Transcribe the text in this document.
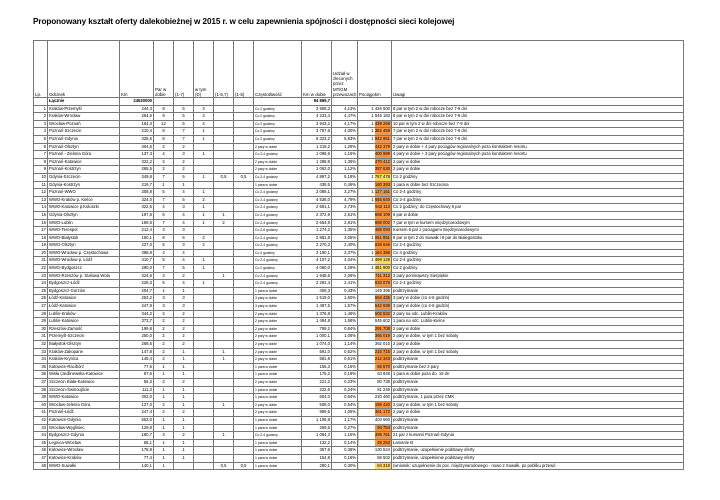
Proponowany kształt oferty dalekobieżnej w 2015 r. w celu zapewnienia spójności i dostępności sieci kolejowej
Lp.	Odcinek	Km	Par w dobie	(1-7)	w tym (D)	(1-5,7)	(1-5)	Częstotliwość	Km w dobie	Udział w zleconych przez MTiGM przewozach	Pociągokm	Uwagi
	Łącznie	24520000							94 869,7			
1	Kraków-Przemyśl	244,3	9	6	3			Co 2 godziny	3 908,3	4,13%	1 426 500	8 par w tym 2 w dni robocze bez 7-9 dni
2	Kraków-Wrocław	264,6	9	6	3			Co 2 godziny	4 233,4	4,47%	1 545 183	8 par w tym 2 w dni robocze bez 7-9 dni
3	Wrocław-Poznań	164,3	12	6	4			Co 2 godziny	3 943,2	4,17%	1 439 268	10 par w tym 2 w dni robocze bez 7-9 dni
4	Poznań-Szczecin	210,4	8	7	1			Co 2 godziny	3 787,6	4,00%	1 382 459	7 par w tym 2 w dni robocze bez 7-9 dni
5	Poznań-Gdynia	326,6	8	7	1			Co 2 godziny	5 323,2	5,63%	1 942 951	7 par w tym 2 w dni robocze bez 7-9 dni
6	Poznań-Olsztyn	304,6	2	2				2 pary w dobie	1 218,2	1,29%	442 379	2 pary w dobie + 4 pary pociągów regionalnych poza kontraktem resortu
7	Poznań - Zielona Góra	137,3	4	3	1			Co 2-4 godziny	1 098,6	1,16%	400 989	4 pary w dobie + 3 pary pociągów regionalnych poza kontraktem resortu
8	Poznań-Katowice	322,2	2	2				2 pary w dobie	1 288,8	1,36%	470 412	2 pary w dobie
9	Poznań-Kostrzyn	265,5	2	2				2 pary w dobie	1 062,0	1,12%	387 630	2 pary w dobie
10	Gdynia-Szczecin	349,8	7	5	1	0,5	0,5	Co 2-4 godziny	4 897,2	5,18%	1 787 478	Co 2 godziny
11	Gdynia-Kostrzyn	219,7	1	1				1 para w dobie	439,5	0,46%	160 393	1 para w dobie bez Szczecina
12	Poznań-WWO	308,8	5	4	1			Co 2-4 godziny	3 088,1	3,27%	1 127 151	Co 2-4 godziny
13	WWO-Kraków p. Kielce	324,0	7	5	2			Co 2-4 godziny	4 536,0	4,79%	1 655 640	Co 2-4 godziny
14	WWO-Katowice p.Koluszki	322,6	4	3	1			Co 2-4 godziny	2 581,1	2,73%	942 113	Co 2 godziny; do Częstochowy 8 par
15	Gdynia-Olsztyn	197,6	6	4	1	1		Co 2-4 godziny	2 372,9	2,51%	866 109	6 par w dobie
16	WWO-Lublin	189,6	7	4	1	2		Co 2-4 godziny	2 654,8	2,81%	969 002	7 par w tym w kursem międzynarodowym
17	WWO-Terespol	212,4	3	3				Co 2-6 godziny	1 274,2	1,35%	465 093	Kursem 6 par z pociągami międzynarodowymi
18	WWO-Białystok	180,1	8	6	2			Co 2-4 godziny	2 881,8	3,05%	1 051 851	8 par w tym 2 do Suwałk i 9 par do Białegostoku
19	WWO-Olsztyn	227,0	5	3	2			Co 2-4 godziny	2 270,3	2,40%	828 646	Co 2-4 godziny
20	WWO-Wrocław p. Częstochowa	398,8	4	4				Co 4 godziny	3 190,1	3,37%	1 164 388	Co 4 godziny
21	WWO-Wrocław p. Łódź	410,7	5	4	1			Co 2-4 godziny	4 107,2	4,34%	1 499 128	Co 2-4 godziny
22	WWO-Bydgoszcz	290,0	7	5	1			Co 2 godziny	4 060,0	4,29%	1 481 900	Co 2 godziny
23	WWO-Rzeszów p. Stalowa Wola	324,6	3	2		1		Co 2-4 godziny	1 948,8	2,06%	711 312	3 pary pominąwszy Sierpiękie
24	Bydgoszcz-Łódź	228,3	5	4	1			Co 2-4 godziny	2 282,4	2,41%	833 076	Co 2-4 godziny
25	Bydgoszcz-Gorzów	204,7	1	1				1 para w dobie	409,3	0,43%	149 396	podtrzymanie
26	Łódź-Katowice	253,2	3	3				3 pary w dobie	1 519,0	1,60%	554 435	3 pary w dobie (co 4-6 godzin)
27	Łódź-Katowice	247,9	3	3				3 pary w dobie	1 487,5	1,57%	542 938	3 pary w dobie (co 4-6 godzin)
28	Lublin-Kraków	344,2	2	2				2 pary w dobie	1 376,8	1,46%	502 532	2 pary na odc. Lublin-Kraków
29	Lublin-Katowice	373,7	2	2				2 pary w dobie	1 494,8	1,58%	545 602	1 para na odc. Lublin-Kielce
30	Rzeszów-Zamość	199,8	2	2				2 pary w dobie	799,2	0,84%	291 708	2 pary w dobie
31	Przemyśl-Szczecin	250,0	2	2				2 pary w dobie	1 000,1	1,06%	365 019	2 pary w dobie, w tym 1 bez soboty
32	Białystok-Olsztyn	268,5	2	2				2 pary w dobie	1 074,0	1,14%	392 010	2 pary w dobie
33	Kraków-Zakopane	147,8	2	1		1		2 pary w dobie	591,0	0,62%	215 715	2 pary w dobie, w tym 1 bez soboty
34	Kraków-Krynica	145,4	2	1		1		2 pary w dobie	581,8	0,61%	212 343	podtrzymanie
35	Katowice-Racibórz	77,6	1	1				1 para w dobie	155,3	0,16%	56 670	podtrzymanie bez 2 pary
36	Wisła (Jedlinewska-Katowice	87,6	1	1				1 para w dobie	175,2	0,19%	63 948	1 para w dobie poza do. 15 dn
37	Szczecin Biała-Katowice	55,3	2	2				2 pary w dobie	221,2	0,23%	80 738	podtrzymanie
38	Szczecin-Świnoujście	111,3	1	1				1 para w dobie	222,6	0,24%	81 249	podtrzymanie
39	WWO-Katowice	302,0	1	1				1 para w dobie	604,0	0,64%	220 460	podtrzymanie, 1 para przez CMK
40	Wrocław-Jelenia Góra	127,0	2	1		1		2 pary w dobie	508,0	0,54%	185 420	2 pary w dobie, w tym 1 bez soboty
41	Poznań-Łódź	247,4	2	2				2 pary w dobie	989,5	1,05%	361 172	2 pary w dobie
42	Katowice-Gdynia	553,0	1	1				1 para w dobie	1 105,9	1,17%	403 660	podtrzymanie
43	Wrocław-Węgliniec	129,8	1	1				1 para w dobie	259,6	0,27%	94 754	podtrzymanie
44	Bydgoszcz-Gdynia	180,7	3	2		1		Co 2-4 godziny	1 084,3	1,15%	395 761	21 par z kursami Poznań-Gdynia
45	Legnica-Wrocław	66,1	1	1				1 para w dobie	132,2	0,14%	48 253	Łamanie B
46	Katowice-Wrocław	178,8	1	1				1 para w dobie	357,6	0,38%	130 524	podtrzymanie, uzupełnienie podstawy oferty
47	Katowice-Kraków	77,4	1	1				1 para w dobie	154,8	0,16%	56 502	podtrzymanie, uzupełnienie podstawy oferty
48	WWO-Suwałki	140,1	1			0,5	0,5	1 para w dobie	280,1	0,30%	84 318	(wniosek: uzupełnienie do poc. międzynarodowego - nowo z Suwałk, po publiku przewó
